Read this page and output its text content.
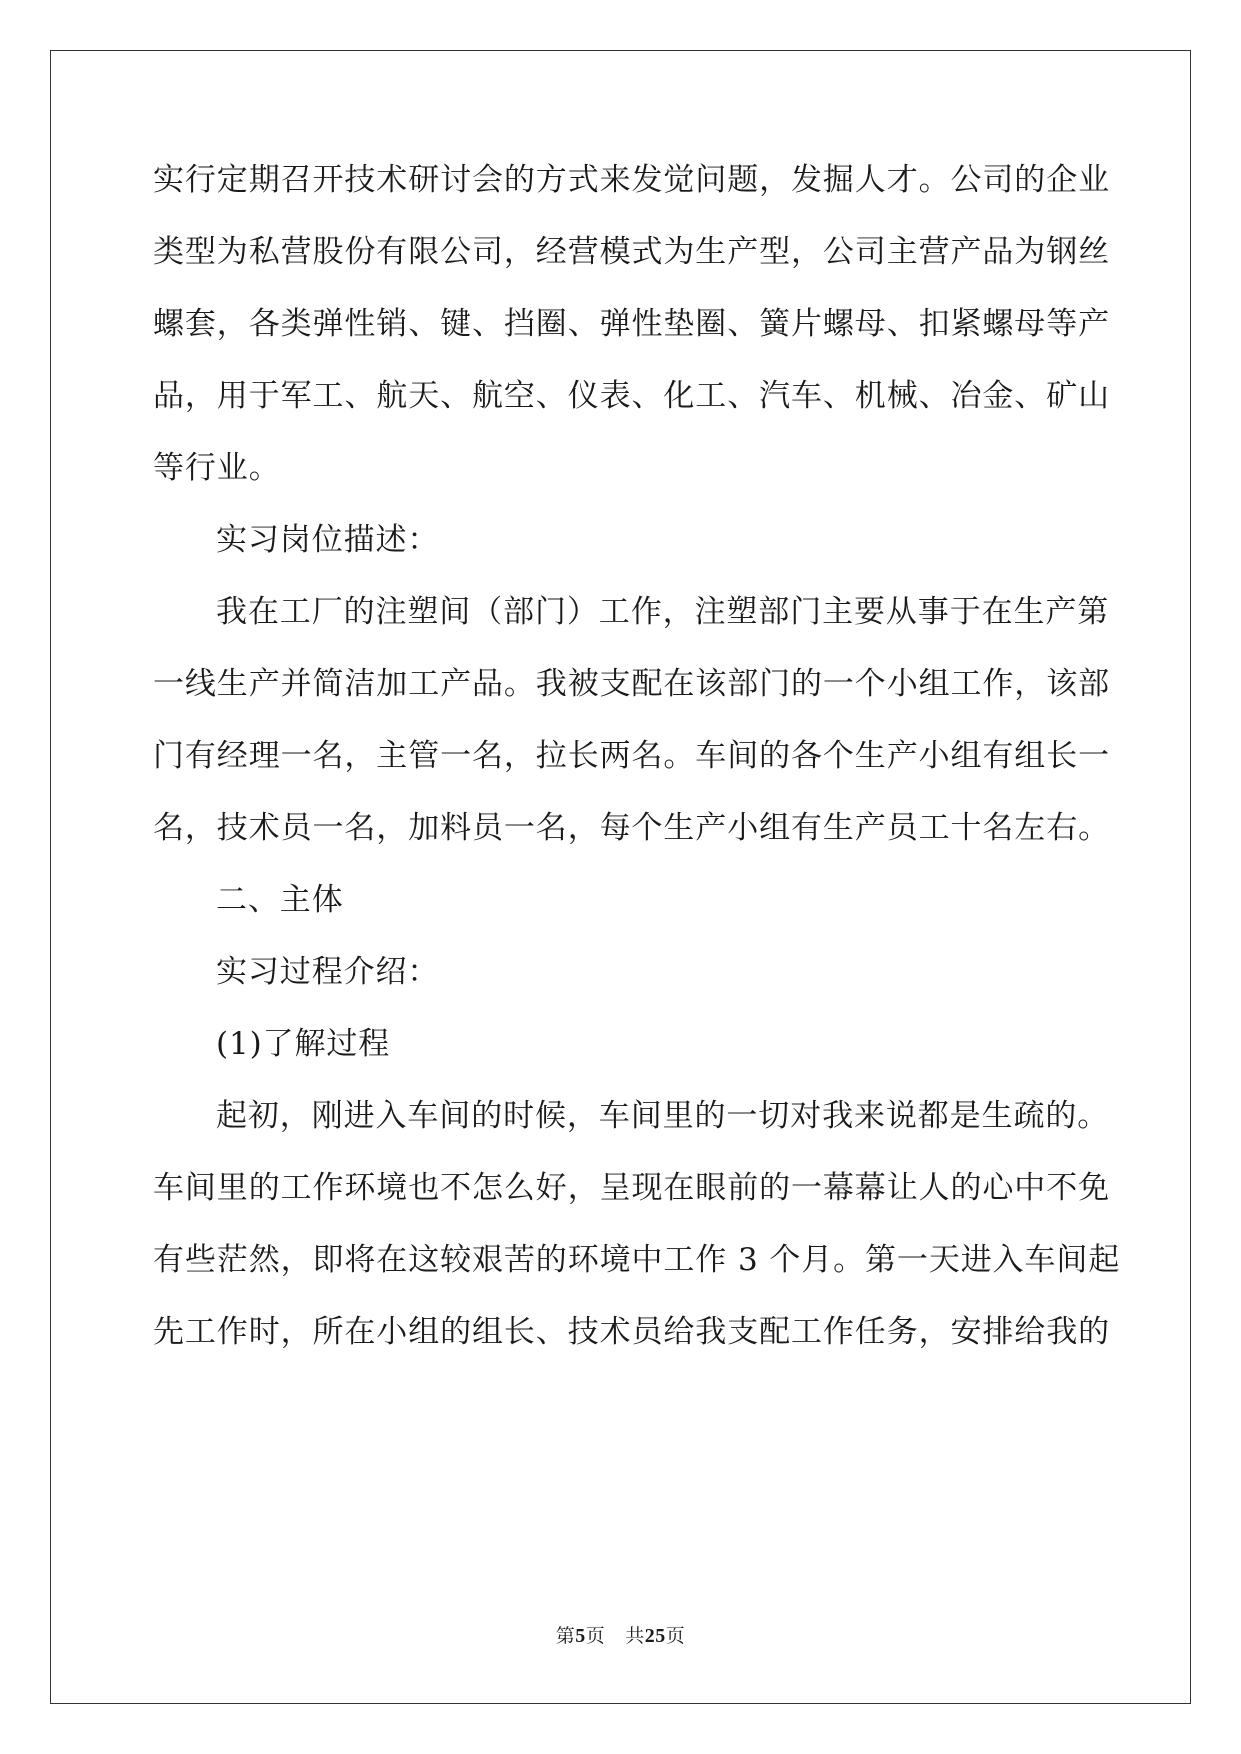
实行定期召开技术研讨会的方式来发觉问题，发掘人才。公司的企业
类型为私营股份有限公司，经营模式为生产型，公司主营产品为钢丝
螺套，各类弹性销、键、挡圈、弹性垫圈、簧片螺母、扣紧螺母等产
品，用于军工、航天、航空、仪表、化工、汽车、机械、冶金、矿山
等行业。
实习岗位描述：
我在工厂的注塑间（部门）工作，注塑部门主要从事于在生产第
一线生产并简洁加工产品。我被支配在该部门的一个小组工作，该部
门有经理一名，主管一名，拉长两名。车间的各个生产小组有组长一
名，技术员一名，加料员一名，每个生产小组有生产员工十名左右。
二、主体
实习过程介绍：
(1)了解过程
起初，刚进入车间的时候，车间里的一切对我来说都是生疏的。
车间里的工作环境也不怎么好，呈现在眼前的一幕幕让人的心中不免
有些茫然，即将在这较艰苦的环境中工作 3 个月。第一天进入车间起
先工作时，所在小组的组长、技术员给我支配工作任务，安排给我的
第5页 共25页
